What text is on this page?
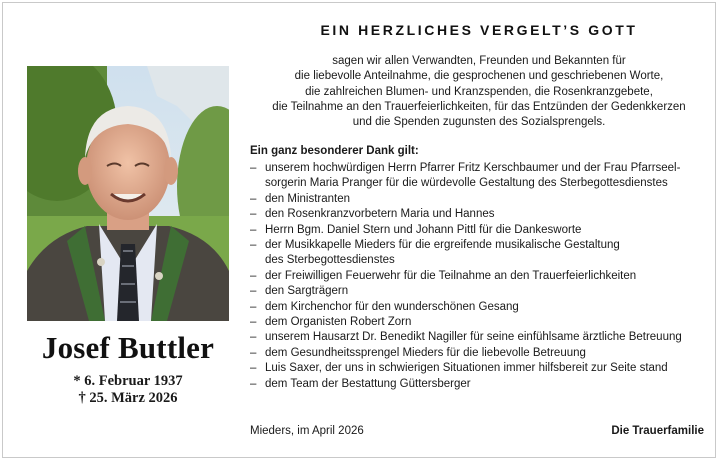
Josef Buttler
* 6. Februar 1937
† 25. März 2026
EIN HERZLICHES VERGELT’S GOTT
sagen wir allen Verwandten, Freunden und Bekannten für
die liebevolle Anteilnahme, die gesprochenen und geschriebenen Worte,
die zahlreichen Blumen- und Kranzspenden, die Rosenkranzgebete,
die Teilnahme an den Trauerfeierlichkeiten, für das Entzünden der Gedenkkerzen
und die Spenden zugunsten des Sozialsprengels.
Ein ganz besonderer Dank gilt:
– unserem hochwürdigen Herrn Pfarrer Fritz Kerschbaumer und der Frau Pfarrseel-
sorgerin Maria Pranger für die würdevolle Gestaltung des Sterbegottesdienstes
– den Ministranten
– den Rosenkranzvorbetern Maria und Hannes
– Herrn Bgm. Daniel Stern und Johann Pittl für die Dankesworte
– der Musikkapelle Mieders für die ergreifende musikalische Gestaltung
des Sterbegottesdienstes
– der Freiwilligen Feuerwehr für die Teilnahme an den Trauerfeierlichkeiten
– den Sargträgern
– dem Kirchenchor für den wunderschönen Gesang
– dem Organisten Robert Zorn
– unserem Hausarzt Dr. Benedikt Nagiller für seine einfühlsame ärztliche Betreuung
– dem Gesundheitssprengel Mieders für die liebevolle Betreuung
– Luis Saxer, der uns in schwierigen Situationen immer hilfsbereit zur Seite stand
– dem Team der Bestattung Güttersberger
Mieders, im April 2026	Die Trauerfamilie
